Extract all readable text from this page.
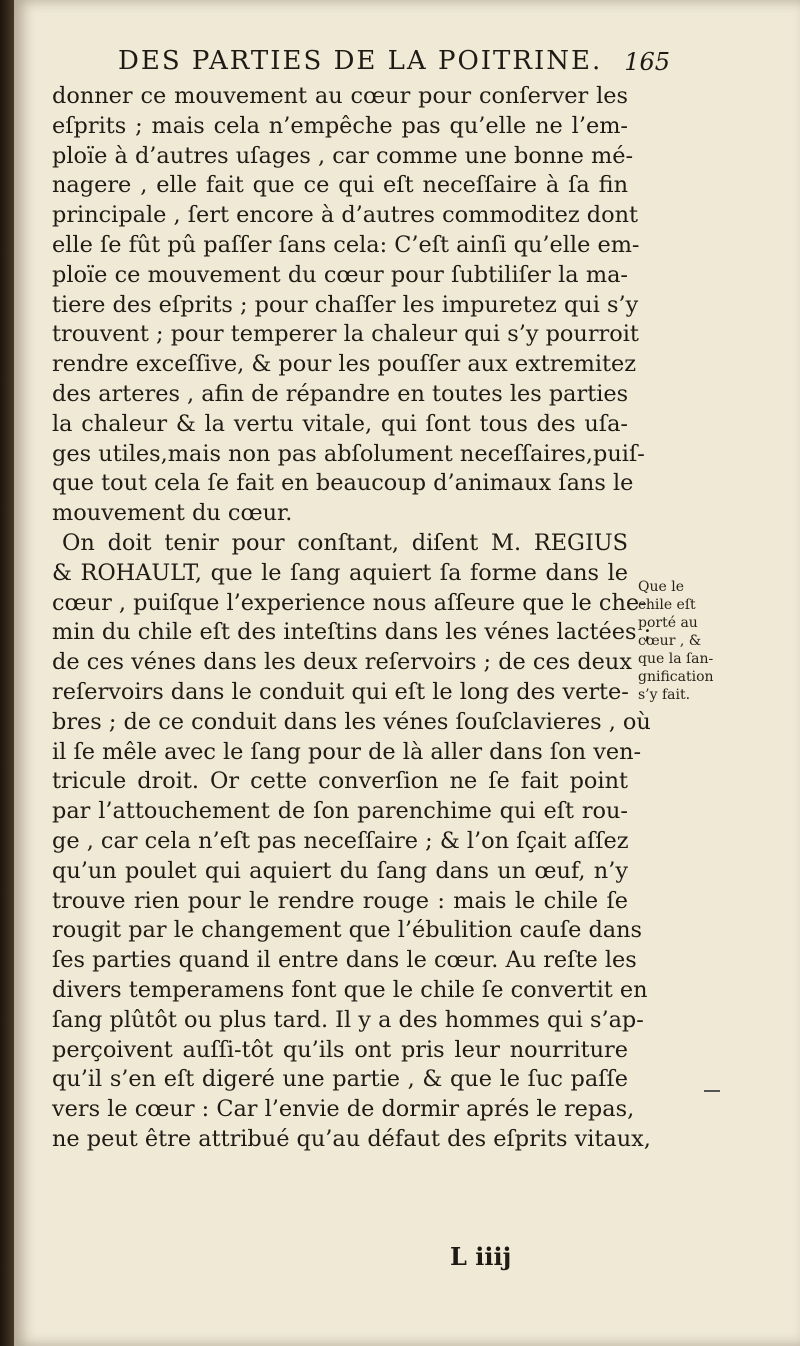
DES PARTIES DE LA POITRINE. 165
donner ce mouvement au cœur pour conſerver les
eſprits ; mais cela n’empêche pas qu’elle ne l’em-
ploïe à d’autres uſages , car comme une bonne mé-
nagere , elle fait que ce qui eſt neceſſaire à ſa fin
principale , ſert encore à d’autres commoditez dont
elle ſe fût pû paſſer ſans cela: C’eſt ainſi qu’elle em-
ploïe ce mouvement du cœur pour ſubtiliſer la ma-
tiere des eſprits ; pour chaſſer les impuretez qui s’y
trouvent ; pour temperer la chaleur qui s’y pourroit
rendre exceſſive, & pour les pouſſer aux extremitez
des arteres , afin de répandre en toutes les parties
la chaleur & la vertu vitale, qui ſont tous des uſa-
ges utiles,mais non pas abſolument neceſſaires,puiſ-
que tout cela ſe fait en beaucoup d’animaux ſans le
mouvement du cœur.
On doit tenir pour conſtant, diſent M. REGIUS
& ROHAULT, que le ſang aquiert ſa forme dans le
cœur , puiſque l’experience nous aſſeure que le che-
min du chile eſt des inteſtins dans les vénes lactées ;
de ces vénes dans les deux reſervoirs ; de ces deux
reſervoirs dans le conduit qui eſt le long des verte-
bres ; de ce conduit dans les vénes ſouſclavieres , où
il ſe mêle avec le ſang pour de là aller dans ſon ven-
tricule droit. Or cette converſion ne ſe fait point
par l’attouchement de ſon parenchime qui eſt rou-
ge , car cela n’eſt pas neceſſaire ; & l’on ſçait aſſez
qu’un poulet qui aquiert du ſang dans un œuf, n’y
trouve rien pour le rendre rouge : mais le chile ſe
rougit par le changement que l’ébulition cauſe dans
ſes parties quand il entre dans le cœur. Au reſte les
divers temperamens font que le chile ſe convertit en
ſang plûtôt ou plus tard. Il y a des hommes qui s’ap-
perçoivent auſſi-tôt qu’ils ont pris leur nourriture
qu’il s’en eſt digeré une partie , & que le ſuc paſſe
vers le cœur : Car l’envie de dormir aprés le repas,
ne peut être attribué qu’au défaut des eſprits vitaux,
Que le
chile eſt
porté au
cœur , &
que la ſan-
gnification
s’y fait.
L iiij
